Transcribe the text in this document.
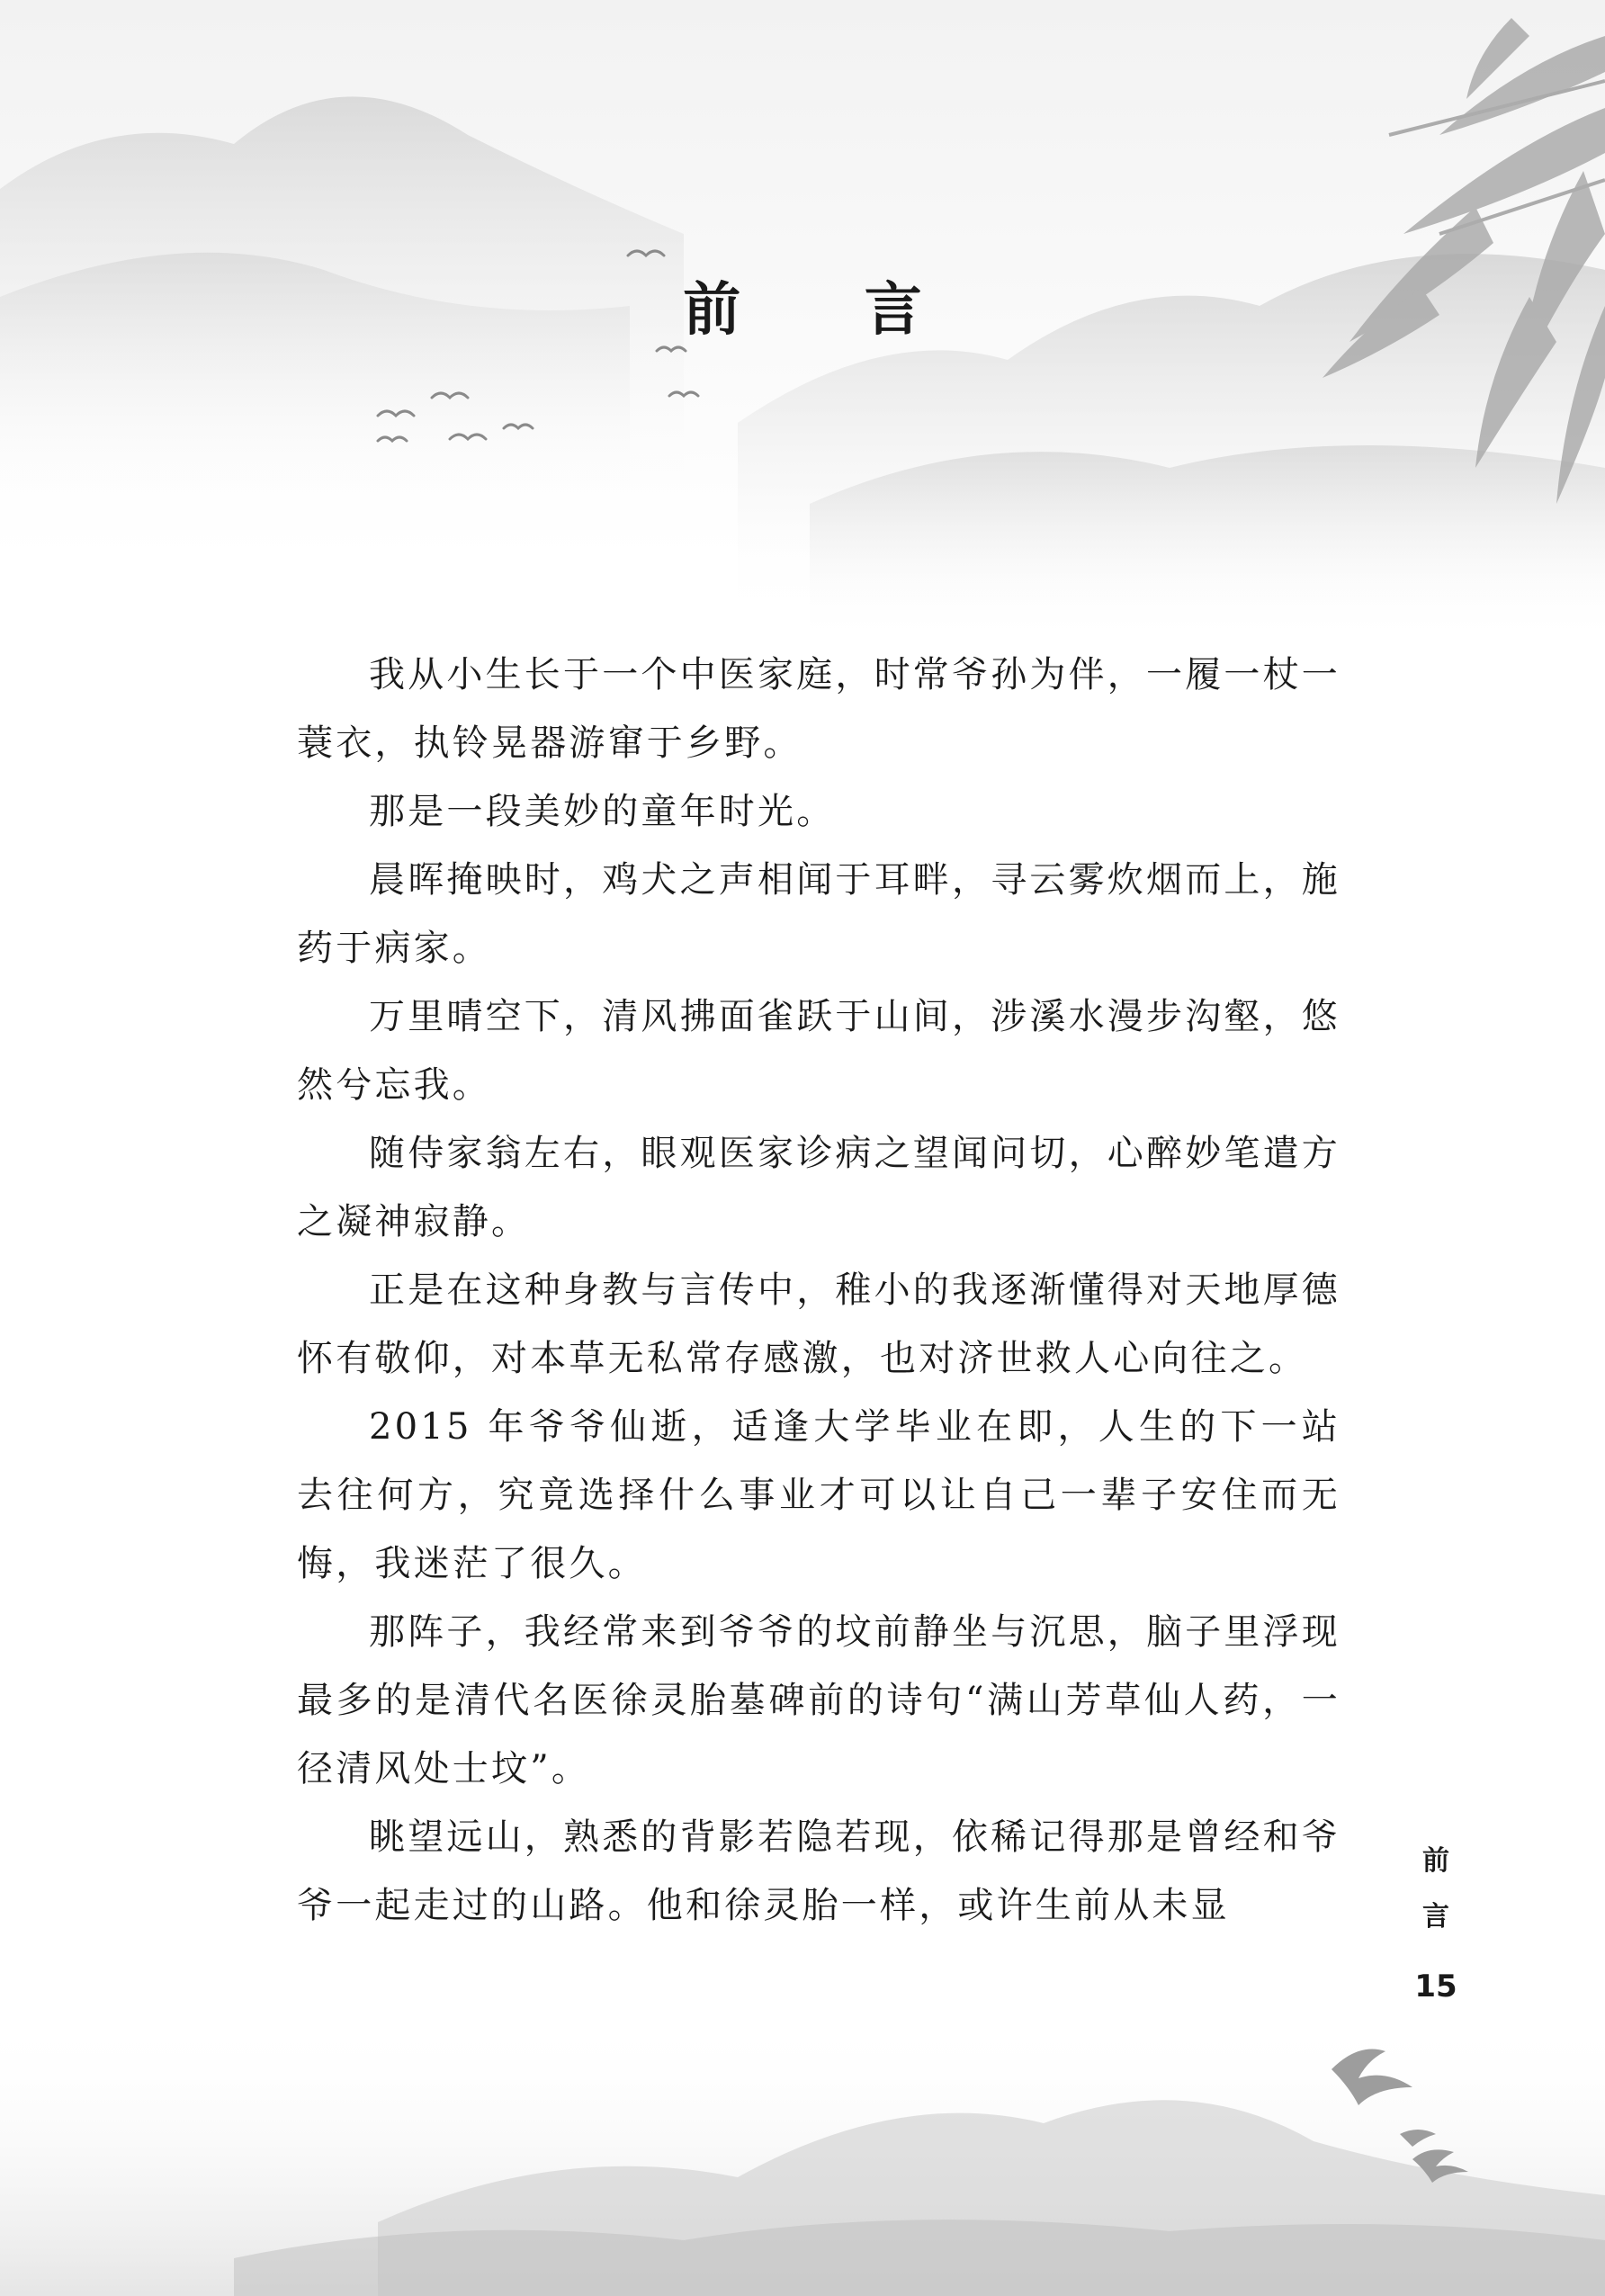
前 言

我从小生长于一个中医家庭，时常爷孙为伴，一履一杖一蓑衣，执铃晃器游窜于乡野。

那是一段美妙的童年时光。

晨晖掩映时，鸡犬之声相闻于耳畔，寻云雾炊烟而上，施药于病家。

万里晴空下，清风拂面雀跃于山间，涉溪水漫步沟壑，悠然兮忘我。

随侍家翁左右，眼观医家诊病之望闻问切，心醉妙笔遣方之凝神寂静。

正是在这种身教与言传中，稚小的我逐渐懂得对天地厚德怀有敬仰，对本草无私常存感激，也对济世救人心向往之。

2015 年爷爷仙逝，适逢大学毕业在即，人生的下一站去往何方，究竟选择什么事业才可以让自己一辈子安住而无悔，我迷茫了很久。

那阵子，我经常来到爷爷的坟前静坐与沉思，脑子里浮现最多的是清代名医徐灵胎墓碑前的诗句“满山芳草仙人药，一径清风处士坟”。

眺望远山，熟悉的背影若隐若现，依稀记得那是曾经和爷爷一起走过的山路。他和徐灵胎一样，或许生前从未显

前
言
15
